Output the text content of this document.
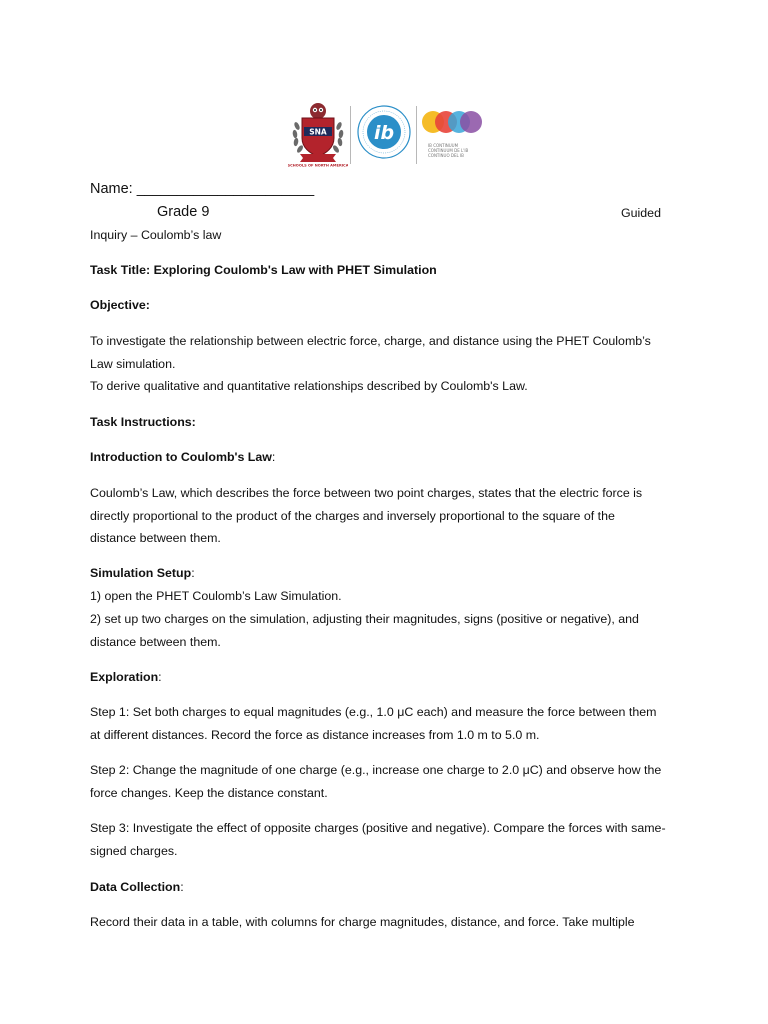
SNA
SCHOOLS OF NORTH AMERICA
ib
IB CONTINUUM
CONTINUUM DE L'IB
CONTINUO DEL IB
Name: ______________________
Grade 9	Guided
Inquiry – Coulomb’s law
Task Title: Exploring Coulomb's Law with PHET Simulation
Objective:
To investigate the relationship between electric force, charge, and distance using the PHET Coulomb’s
Law simulation.
To derive qualitative and quantitative relationships described by Coulomb's Law.
Task Instructions:
Introduction to Coulomb's Law:
Coulomb’s Law, which describes the force between two point charges, states that the electric force is
directly proportional to the product of the charges and inversely proportional to the square of the
distance between them.
Simulation Setup:
1) open the PHET Coulomb’s Law Simulation.
2) set up two charges on the simulation, adjusting their magnitudes, signs (positive or negative), and
distance between them.
Exploration:
Step 1: Set both charges to equal magnitudes (e.g., 1.0 μC each) and measure the force between them
at different distances. Record the force as distance increases from 1.0 m to 5.0 m.
Step 2: Change the magnitude of one charge (e.g., increase one charge to 2.0 μC) and observe how the
force changes. Keep the distance constant.
Step 3: Investigate the effect of opposite charges (positive and negative). Compare the forces with same-
signed charges.
Data Collection:
Record their data in a table, with columns for charge magnitudes, distance, and force. Take multiple
